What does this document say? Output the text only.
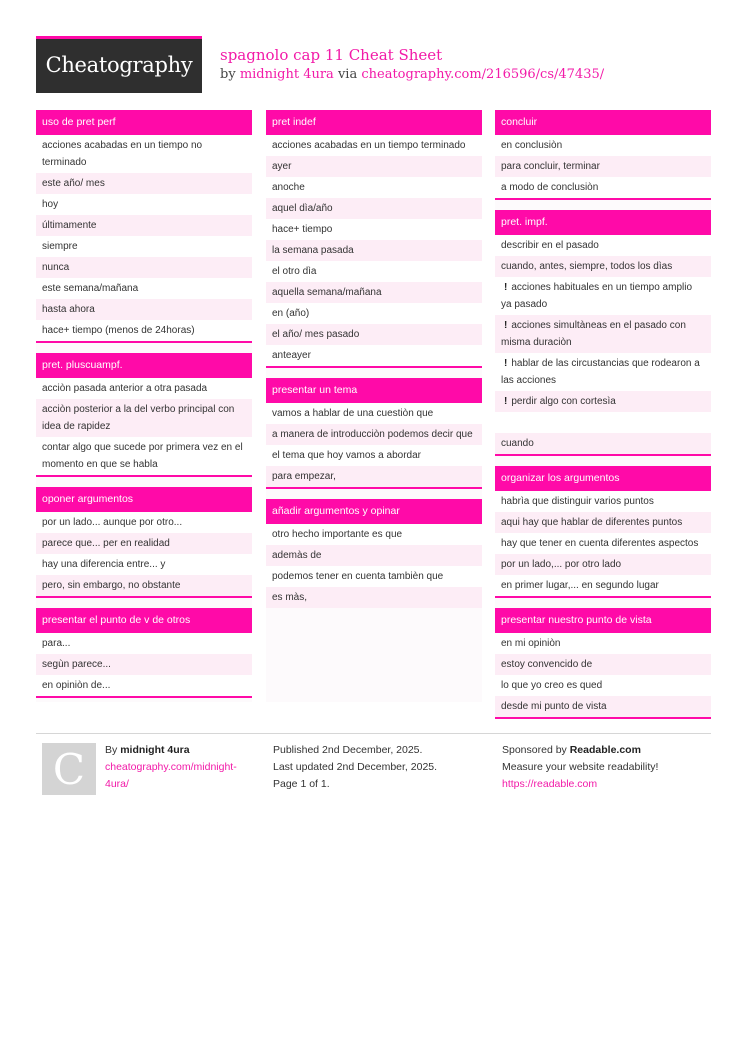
Cheatography	spagnolo cap 11 Cheat Sheet
by midnight 4ura via cheatography.com/216596/cs/47435/
uso de pret perf
acciones acabadas en un tiempo no terminado
este año/ mes
hoy
últimamente
siempre
nunca
este semana/mañana
hasta ahora
hace+ tiempo (menos de 24horas)
pret. pluscuampf.
acciòn pasada anterior a otra pasada
acciòn posterior a la del verbo principal con idea de rapidez
contar algo que sucede por primera vez en el momento en que se habla
oponer argumentos
por un lado... aunque por otro...
parece que... per en realidad
hay una diferencia entre... y
pero, sin embargo, no obstante
presentar el punto de v de otros
para...
segùn parece...
en opiniòn de...
pret indef
acciones acabadas en un tiempo terminado
ayer
anoche
aquel dìa/año
hace+ tiempo
la semana pasada
el otro dìa
aquella semana/mañana
en (año)
el año/ mes pasado
anteayer
presentar un tema
vamos a hablar de una cuestiòn que
a manera de introducciòn podemos decir que
el tema que hoy vamos a abordar
para empezar,
añadir argumentos y opinar
otro hecho importante es que
ademàs de
podemos tener en cuenta tambièn que
es màs,
concluir
en conclusiòn
para concluir, terminar
a modo de conclusiòn
pret. impf.
describir en el pasado
cuando, antes, siempre, todos los dìas
! acciones habituales en un tiempo amplio ya pasado
! acciones simultàneas en el pasado con misma duraciòn
! hablar de las circustancias que rodearon a las acciones
! perdir algo con cortesìa
cuando
organizar los argumentos
habrìa que distinguir varios puntos
aqui hay que hablar de diferentes puntos
hay que tener en cuenta diferentes aspectos
por un lado,... por otro lado
en primer lugar,... en segundo lugar
presentar nuestro punto de vista
en mi opiniòn
estoy convencido de
lo que yo creo es qued
desde mi punto de vista
C	By midnight 4ura
cheatography.com/midnight-
4ura/
Published 2nd December, 2025.
Last updated 2nd December, 2025.
Page 1 of 1.
Sponsored by Readable.com
Measure your website readability!
https://readable.com
